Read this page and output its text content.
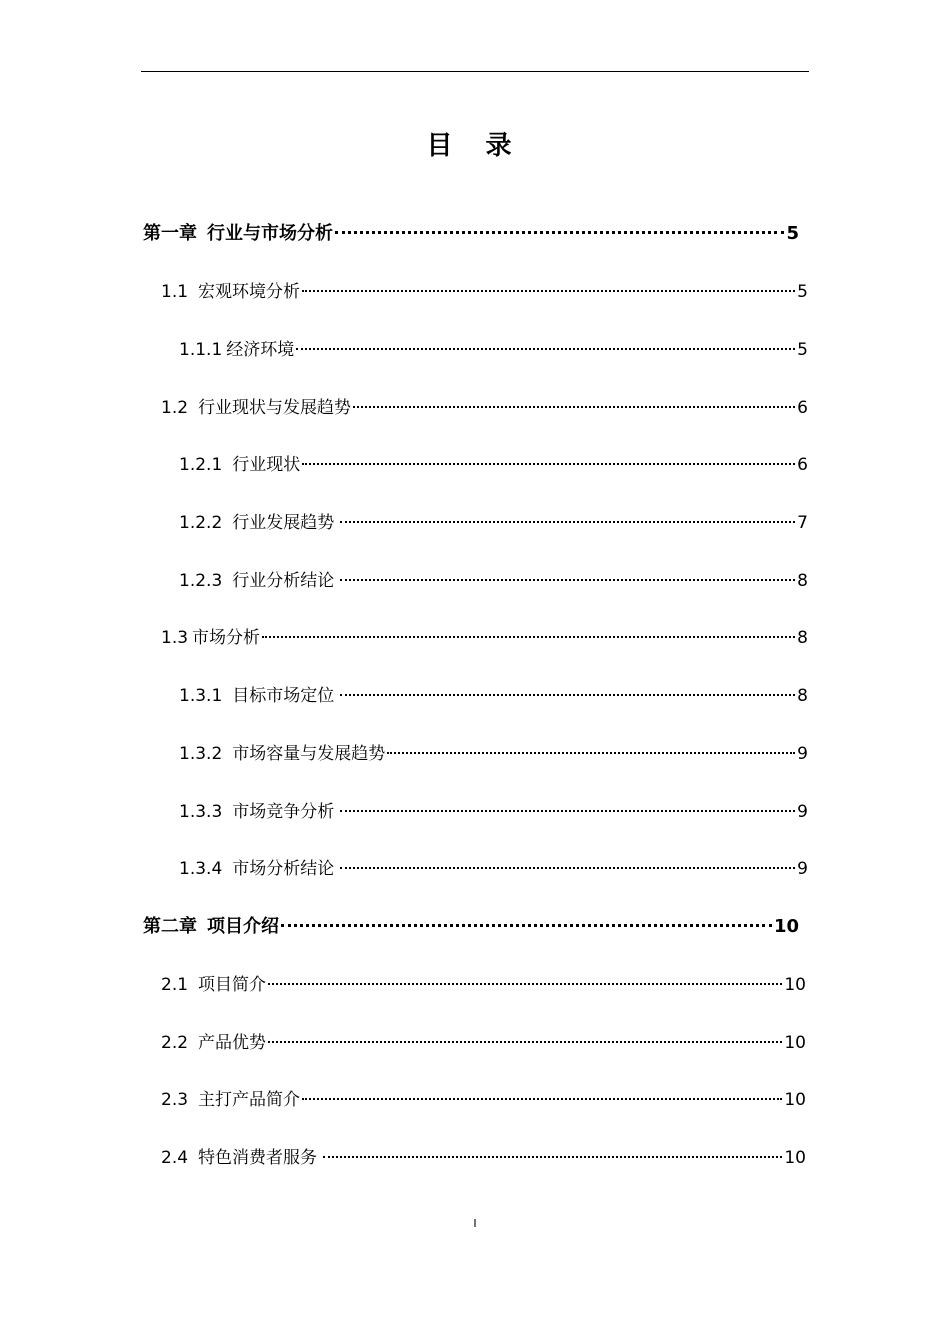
目 录
第一章 行业与市场分析	5
1.1 宏观环境分析	5
1.1.1 经济环境	5
1.2 行业现状与发展趋势	6
1.2.1 行业现状	6
1.2.2 行业发展趋势	7
1.2.3 行业分析结论	8
1.3 市场分析	8
1.3.1 目标市场定位	8
1.3.2 市场容量与发展趋势	9
1.3.3 市场竞争分析	9
1.3.4 市场分析结论	9
第二章 项目介绍	10
2.1 项目简介	10
2.2 产品优势	10
2.3 主打产品简介	10
2.4 特色消费者服务	10
I
